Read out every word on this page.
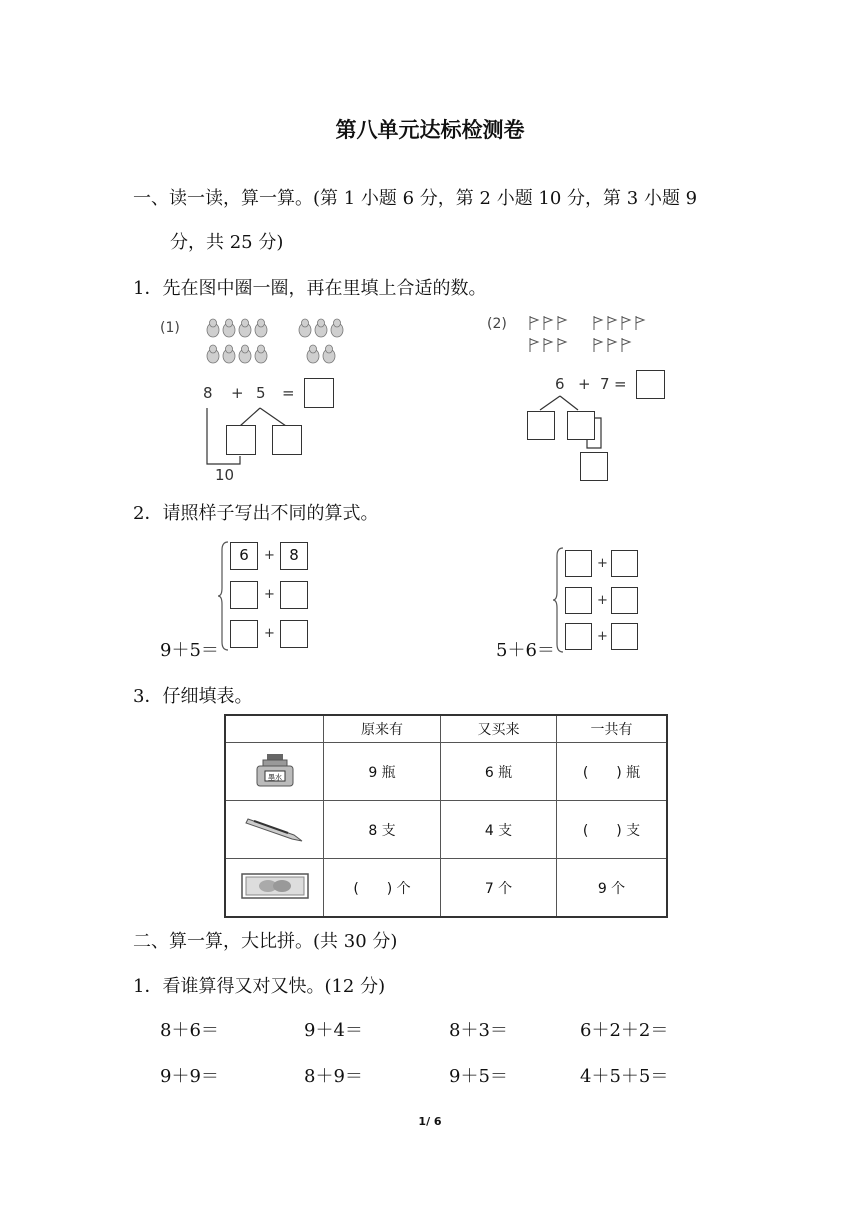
第八单元达标检测卷
一、读一读，算一算。(第 1 小题 6 分，第 2 小题 10 分，第 3 小题 9
分，共 25 分)
1．先在图中圈一圈，再在里填上合适的数。
(1)
8 + 5 =
10
(2)
6 + 7 =
2．请照样子写出不同的算式。
6	+ 8
+
+
9＋5＝
+
+
+
5＋6＝
3．仔细填表。
	原来有	又买来	一共有

墨水	9 瓶	6 瓶	(　　) 瓶
	8 支	4 支	(　　) 支
	(　　) 个	7 个	9 个
二、算一算，大比拼。(共 30 分)
1．看谁算得又对又快。(12 分)
8＋6＝	9＋4＝	8＋3＝	6＋2＋2＝
9＋9＝	8＋9＝	9＋5＝	4＋5＋5＝
1/ 6
